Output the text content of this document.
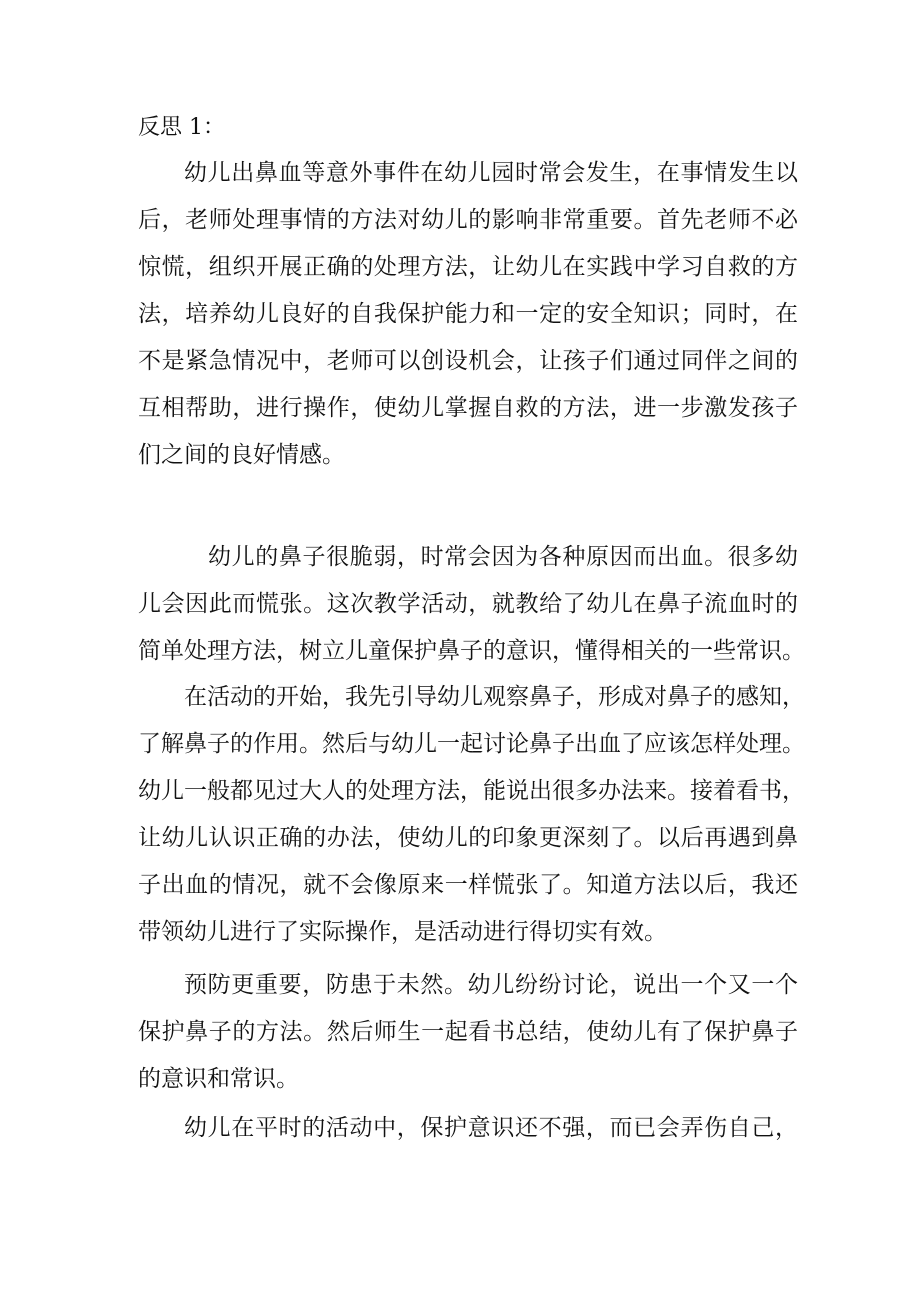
反思 1：
幼儿出鼻血等意外事件在幼儿园时常会发生，在事情发生以
后，老师处理事情的方法对幼儿的影响非常重要。首先老师不必
惊慌，组织开展正确的处理方法，让幼儿在实践中学习自救的方
法，培养幼儿良好的自我保护能力和一定的安全知识；同时，在
不是紧急情况中，老师可以创设机会，让孩子们通过同伴之间的
互相帮助，进行操作，使幼儿掌握自救的方法，进一步激发孩子
们之间的良好情感。
幼儿的鼻子很脆弱，时常会因为各种原因而出血。很多幼
儿会因此而慌张。这次教学活动，就教给了幼儿在鼻子流血时的
简单处理方法，树立儿童保护鼻子的意识，懂得相关的一些常识。
在活动的开始，我先引导幼儿观察鼻子，形成对鼻子的感知，
了解鼻子的作用。然后与幼儿一起讨论鼻子出血了应该怎样处理。
幼儿一般都见过大人的处理方法，能说出很多办法来。接着看书，
让幼儿认识正确的办法，使幼儿的印象更深刻了。以后再遇到鼻
子出血的情况，就不会像原来一样慌张了。知道方法以后，我还
带领幼儿进行了实际操作，是活动进行得切实有效。
预防更重要，防患于未然。幼儿纷纷讨论，说出一个又一个
保护鼻子的方法。然后师生一起看书总结，使幼儿有了保护鼻子
的意识和常识。
幼儿在平时的活动中，保护意识还不强，而已会弄伤自己，
